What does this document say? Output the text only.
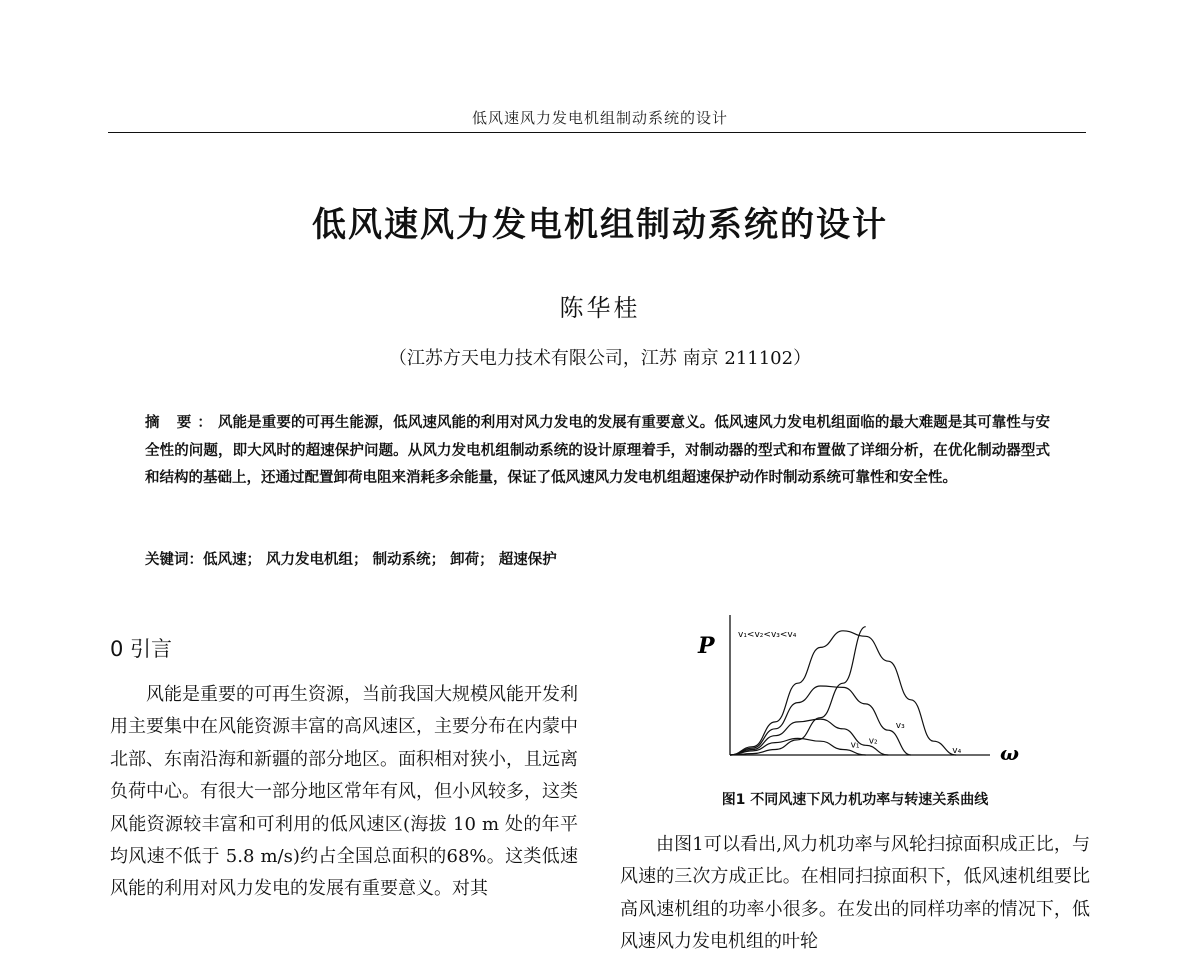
低风速风力发电机组制动系统的设计
低风速风力发电机组制动系统的设计
陈华桂
（江苏方天电力技术有限公司，江苏 南京 211102）
摘 要：风能是重要的可再生能源，低风速风能的利用对风力发电的发展有重要意义。低风速风力发电机组面临的最大难题是其可靠性与安全性的问题，即大风时的超速保护问题。从风力发电机组制动系统的设计原理着手，对制动器的型式和布置做了详细分析，在优化制动器型式和结构的基础上，还通过配置卸荷电阻来消耗多余能量，保证了低风速风力发电机组超速保护动作时制动系统可靠性和安全性。
关键词：低风速； 风力发电机组； 制动系统； 卸荷； 超速保护
0 引言
风能是重要的可再生资源，当前我国大规模风能开发利用主要集中在风能资源丰富的高风速区，主要分布在内蒙中北部、东南沿海和新疆的部分地区。面积相对狭小，且远离负荷中心。有很大一部分地区常年有风，但小风较多，这类风能资源较丰富和可利用的低风速区(海拔 10 m 处的年平均风速不低于 5.8 m/s)约占全国总面积的68%。这类低速风能的利用对风力发电的发展有重要意义。对其
P
ω
v₁<v₂<v₃<v₄
v₁ v₂
v₃
v₄
图1 不同风速下风力机功率与转速关系曲线
由图1可以看出,风力机功率与风轮扫掠面积成正比，与风速的三次方成正比。在相同扫掠面积下，低风速机组要比高风速机组的功率小很多。在发出的同样功率的情况下，低风速风力发电机组的叶轮
